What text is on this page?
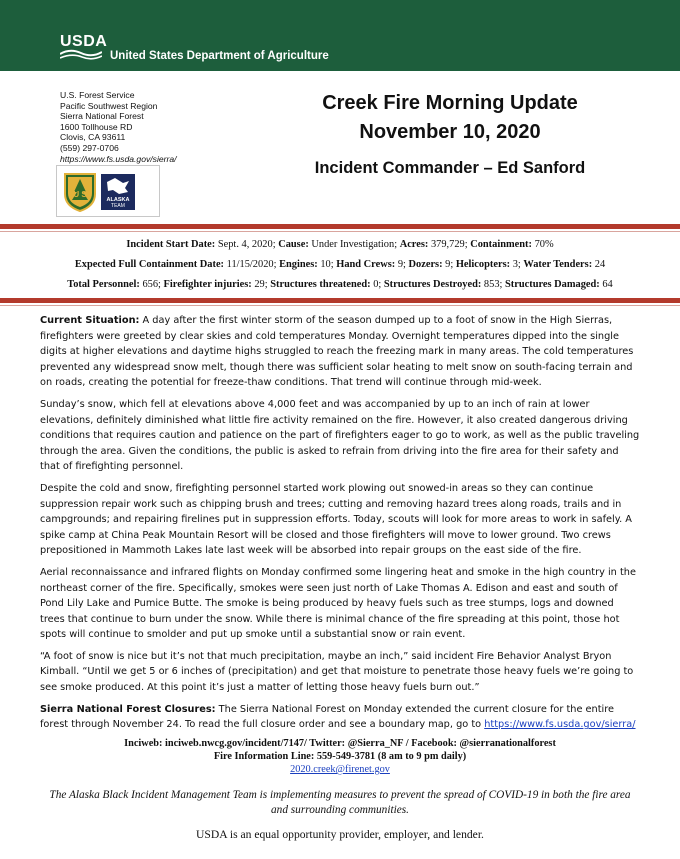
USDA
United States Department of Agriculture
U.S. Forest Service
Pacific Southwest Region
Sierra National Forest
1600 Tollhouse RD
Clovis, CA 93611
(559) 297-0706
https://www.fs.usda.gov/sierra/
U S
ALASKA
TEAM
Creek Fire Morning Update
November 10, 2020
Incident Commander – Ed Sanford
Incident Start Date: Sept. 4, 2020; Cause: Under Investigation; Acres: 379,729; Containment: 70%
Expected Full Containment Date: 11/15/2020; Engines: 10; Hand Crews: 9; Dozers: 9; Helicopters: 3; Water Tenders: 24
Total Personnel: 656; Firefighter injuries: 29; Structures threatened: 0; Structures Destroyed: 853; Structures Damaged: 64

Current Situation: A day after the first winter storm of the season dumped up to a foot of snow in the High Sierras, firefighters were greeted by clear skies and cold temperatures Monday. Overnight temperatures dipped into the single digits at higher elevations and daytime highs struggled to reach the freezing mark in many areas. The cold temperatures prevented any widespread snow melt, though there was sufficient solar heating to melt snow on south-facing terrain and on roads, creating the potential for freeze-thaw conditions. That trend will continue through mid-week.

Sunday’s snow, which fell at elevations above 4,000 feet and was accompanied by up to an inch of rain at lower elevations, definitely diminished what little fire activity remained on the fire. However, it also created dangerous driving conditions that requires caution and patience on the part of firefighters eager to go to work, as well as the public traveling through the area. Given the conditions, the public is asked to refrain from driving into the fire area for their safety and that of firefighting personnel.

Despite the cold and snow, firefighting personnel started work plowing out snowed-in areas so they can continue suppression repair work such as chipping brush and trees; cutting and removing hazard trees along roads, trails and in campgrounds; and repairing firelines put in suppression efforts. Today, scouts will look for more areas to work in safely. A spike camp at China Peak Mountain Resort will be closed and those firefighters will move to lower ground. Two crews prepositioned in Mammoth Lakes late last week will be absorbed into repair groups on the east side of the fire.

Aerial reconnaissance and infrared flights on Monday confirmed some lingering heat and smoke in the high country in the northeast corner of the fire. Specifically, smokes were seen just north of Lake Thomas A. Edison and east and south of Pond Lily Lake and Pumice Butte. The smoke is being produced by heavy fuels such as tree stumps, logs and downed trees that continue to burn under the snow. While there is minimal chance of the fire spreading at this point, those hot spots will continue to smolder and put up smoke until a substantial snow or rain event.

“A foot of snow is nice but it’s not that much precipitation, maybe an inch,” said incident Fire Behavior Analyst Bryon Kimball. “Until we get 5 or 6 inches of (precipitation) and get that moisture to penetrate those heavy fuels we’re going to see smoke produced. At this point it’s just a matter of letting those heavy fuels burn out.”

Sierra National Forest Closures: The Sierra National Forest on Monday extended the current closure for the entire forest through November 24. To read the full closure order and see a boundary map, go to https://www.fs.usda.gov/sierra/

Inciweb: inciweb.nwcg.gov/incident/7147/ Twitter: @Sierra_NF / Facebook: @sierranationalforest
Fire Information Line: 559-549-3781 (8 am to 9 pm daily)
2020.creek@firenet.gov
The Alaska Black Incident Management Team is implementing measures to prevent the spread of COVID-19 in both the fire area and surrounding communities.
USDA is an equal opportunity provider, employer, and lender.
